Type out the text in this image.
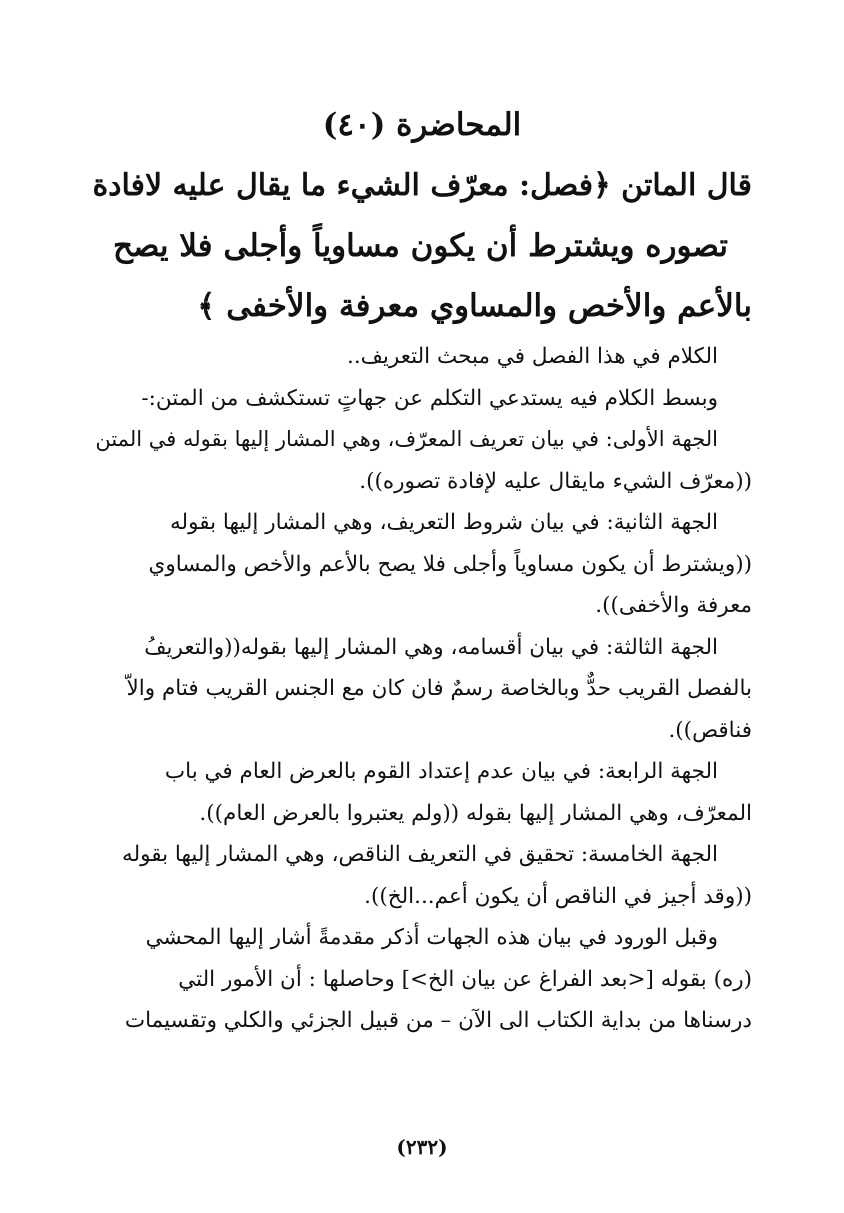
المحاضرة (٤٠)
قال الماتن ﴿فصل: معرّف الشيء ما يقال عليه لافادة
تصوره ويشترط أن يكون مساوياً وأجلى فلا يصح
بالأعم والأخص والمساوي معرفة والأخفى ﴾
الكلام في هذا الفصل في مبحث التعريف..
وبسط الكلام فيه يستدعي التكلم عن جهاتٍ تستكشف من المتن:-
الجهة الأولى: في بيان تعريف المعرّف، وهي المشار إليها بقوله في المتن
((معرّف الشيء مايقال عليه لإفادة تصوره)).
الجهة الثانية: في بيان شروط التعريف، وهي المشار إليها بقوله
((ويشترط أن يكون مساوياً وأجلى فلا يصح بالأعم والأخص والمساوي
معرفة والأخفى)).
الجهة الثالثة: في بيان أقسامه، وهي المشار إليها بقوله((والتعريفُ
بالفصل القريب حدٌّ وبالخاصة رسمٌ فان كان مع الجنس القريب فتام والاّ
فناقص)).
الجهة الرابعة: في بيان عدم إعتداد القوم بالعرض العام في باب
المعرّف، وهي المشار إليها بقوله ((ولم يعتبروا بالعرض العام)).
الجهة الخامسة: تحقيق في التعريف الناقص، وهي المشار إليها بقوله
((وقد أجيز في الناقص أن يكون أعم...الخ)).
وقبل الورود في بيان هذه الجهات أذكر مقدمةً أشار إليها المحشي
(ره) بقوله [<بعد الفراغ عن بيان الخ>] وحاصلها : أن الأمور التي
درسناها من بداية الكتاب الى الآن – من قبيل الجزئي والكلي وتقسيمات
(٢٣٢)
